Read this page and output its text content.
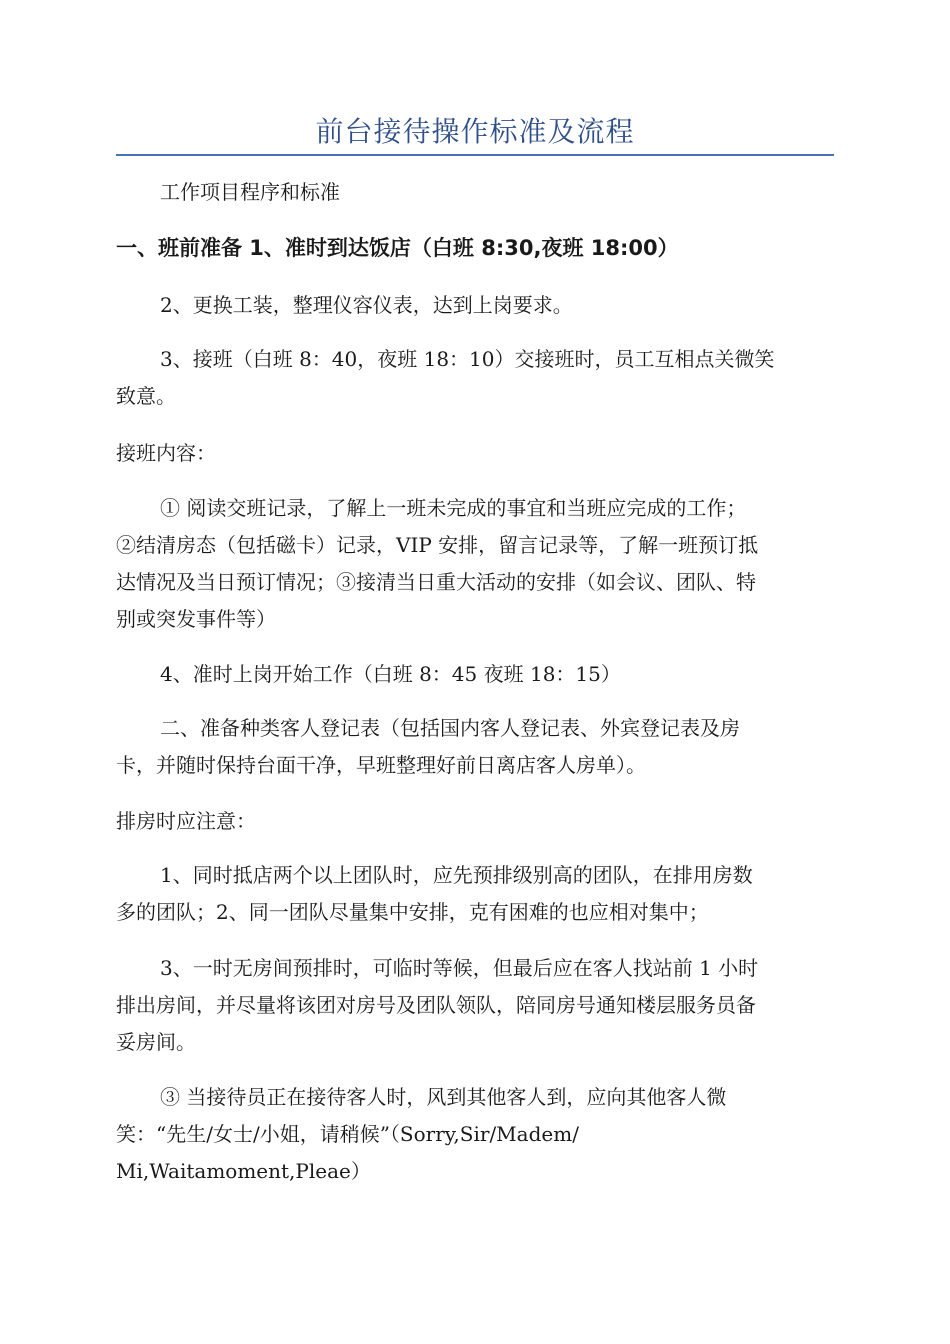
前台接待操作标准及流程

工作项目程序和标准

一、班前准备 1、准时到达饭店（白班 8:30,夜班 18:00）

2、更换工装，整理仪容仪表，达到上岗要求。

3、接班（白班 8：40，夜班 18：10）交接班时，员工互相点关微笑
致意。

接班内容：

① 阅读交班记录，了解上一班未完成的事宜和当班应完成的工作；
②结清房态（包括磁卡）记录，VIP 安排，留言记录等，了解一班预订抵
达情况及当日预订情况；③接清当日重大活动的安排（如会议、团队、特
别或突发事件等）

4、准时上岗开始工作（白班 8：45 夜班 18：15）

二、准备种类客人登记表（包括国内客人登记表、外宾登记表及房
卡，并随时保持台面干净，早班整理好前日离店客人房单）。

排房时应注意：

1、同时抵店两个以上团队时，应先预排级别高的团队，在排用房数
多的团队；2、同一团队尽量集中安排，克有困难的也应相对集中；
3、一时无房间预排时，可临时等候，但最后应在客人找站前 1 小时
排出房间，并尽量将该团对房号及团队领队，陪同房号通知楼层服务员备
妥房间。
③ 当接待员正在接待客人时，风到其他客人到，应向其他客人微
笑：“先生/女士/小姐，请稍候”（Sorry,Sir/Madem/
Mi,Waitamoment,Pleae）
